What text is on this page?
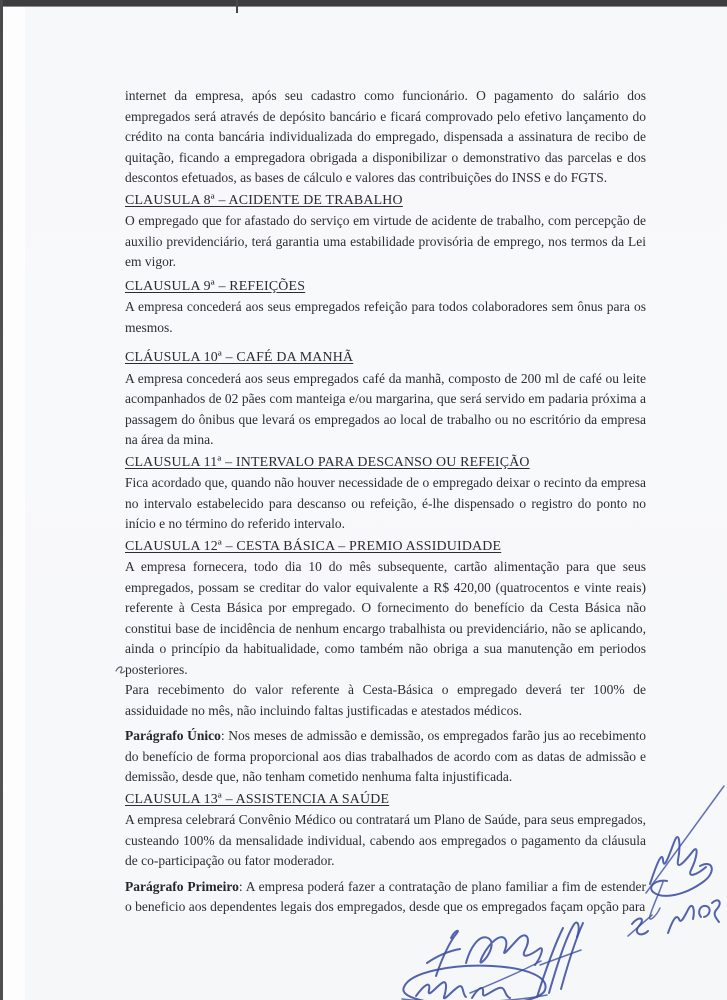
internet da empresa, após seu cadastro como funcionário. O pagamento do salário dos empregados será através de depósito bancário e ficará comprovado pelo efetivo lançamento do crédito na conta bancária individualizada do empregado, dispensada a assinatura de recibo de quitação, ficando a empregadora obrigada a disponibilizar o demonstrativo das parcelas e dos descontos efetuados, as bases de cálculo e valores das contribuições do INSS e do FGTS.

CLAUSULA 8ª – ACIDENTE DE TRABALHO

O empregado que for afastado do serviço em virtude de acidente de trabalho, com percepção de auxilio previdenciário, terá garantia uma estabilidade provisória de emprego, nos termos da Lei em vigor.

CLAUSULA 9ª – REFEIÇÕES

A empresa concederá aos seus empregados refeição para todos colaboradores sem ônus para os mesmos.

CLÁUSULA 10ª – CAFÉ DA MANHÃ

A empresa concederá aos seus empregados café da manhã, composto de 200 ml de café ou leite acompanhados de 02 pães com manteiga e/ou margarina, que será servido em padaria próxima a passagem do ônibus que levará os empregados ao local de trabalho ou no escritório da empresa na área da mina.

CLAUSULA 11ª – INTERVALO PARA DESCANSO OU REFEIÇÃO

Fica acordado que, quando não houver necessidade de o empregado deixar o recinto da empresa no intervalo estabelecido para descanso ou refeição, é-lhe dispensado o registro do ponto no início e no término do referido intervalo.

CLAUSULA 12ª – CESTA BÁSICA – PREMIO ASSIDUIDADE

A empresa fornecera, todo dia 10 do mês subsequente, cartão alimentação para que seus empregados, possam se creditar do valor equivalente a R$ 420,00 (quatrocentos e vinte reais) referente à Cesta Básica por empregado. O fornecimento do benefício da Cesta Básica não constitui base de incidência de nenhum encargo trabalhista ou previdenciário, não se aplicando, ainda o princípio da habitualidade, como também não obriga a sua manutenção em periodos posteriores.

Para recebimento do valor referente à Cesta-Básica o empregado deverá ter 100% de assiduidade no mês, não incluindo faltas justificadas e atestados médicos.

Parágrafo Único: Nos meses de admissão e demissão, os empregados farão jus ao recebimento do benefício de forma proporcional aos dias trabalhados de acordo com as datas de admissão e demissão, desde que, não tenham cometido nenhuma falta injustificada.

CLAUSULA 13ª – ASSISTENCIA A SAÚDE

A empresa celebrará Convênio Médico ou contratará um Plano de Saúde, para seus empregados, custeando 100% da mensalidade individual, cabendo aos empregados o pagamento da cláusula de co-participação ou fator moderador.

Parágrafo Primeiro: A empresa poderá fazer a contratação de plano familiar a fim de estender o beneficio aos dependentes legais dos empregados, desde que os empregados façam opção para
